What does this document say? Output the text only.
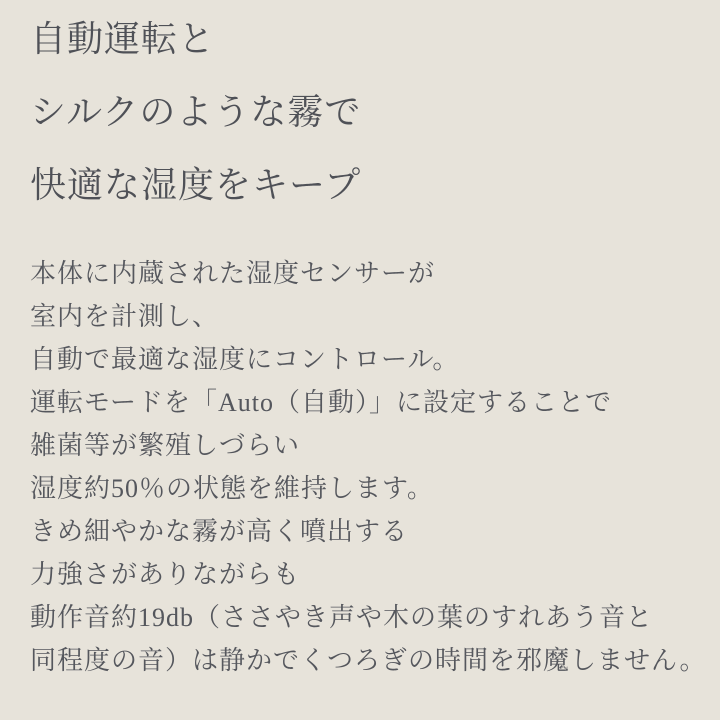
自動運転と
シルクのような霧で
快適な湿度をキープ
本体に内蔵された湿度センサーが
室内を計測し、
自動で最適な湿度にコントロール。
運転モードを「Auto（自動）」に設定することで
雑菌等が繁殖しづらい
湿度約50％の状態を維持します。
きめ細やかな霧が高く噴出する
力強さがありながらも
動作音約19db（ささやき声や木の葉のすれあう音と
同程度の音）は静かでくつろぎの時間を邪魔しません。
